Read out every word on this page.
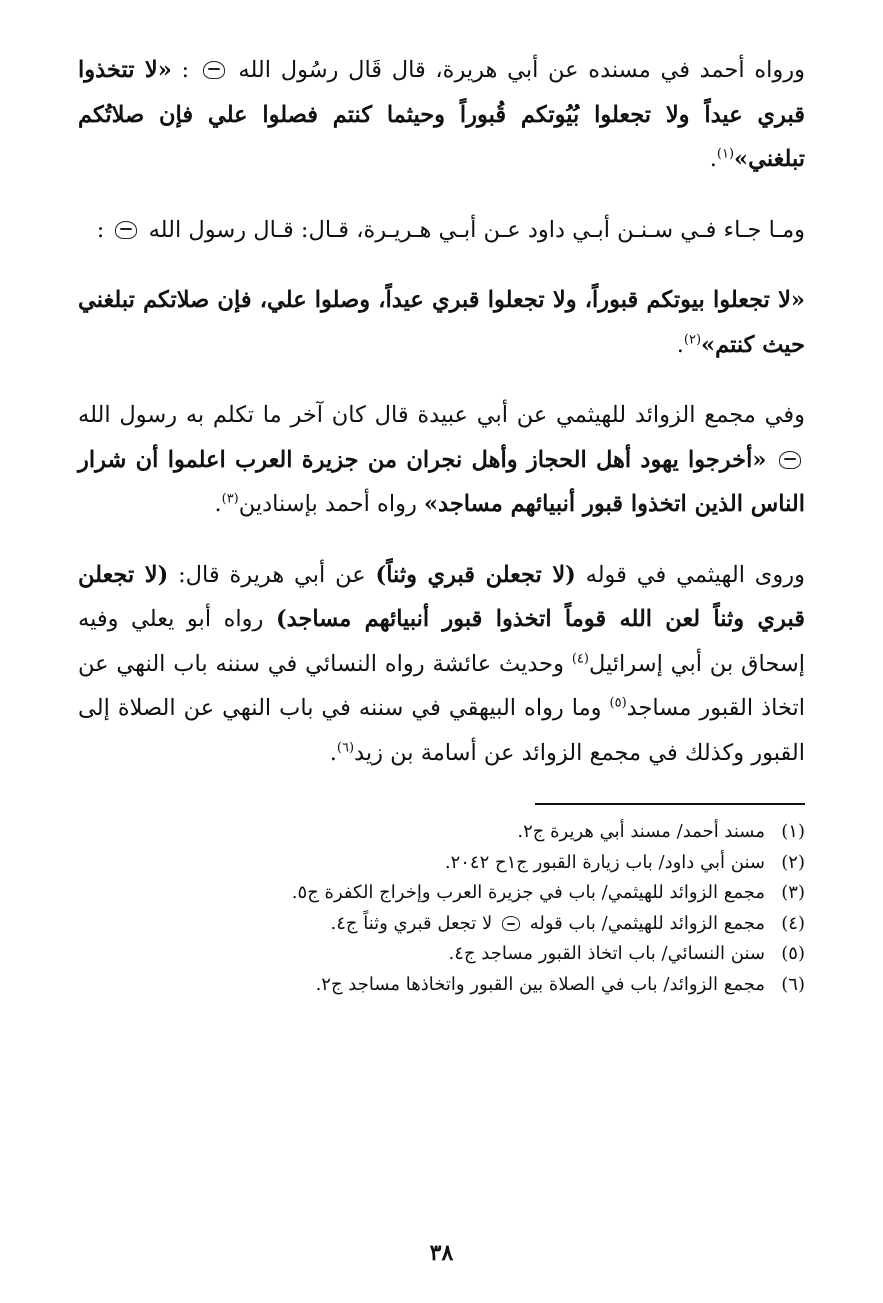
ورواه أحمد في مسنده عن أبي هريرة، قال قَال رسُول الله  : «لا تتخذوا قبري عيداً ولا تجعلوا بُيُوتكم قُبوراً وحيثما كنتم فصلوا علي فإن صلاتُكم تبلغني»$^{(١)}$.

ومـا جـاء فـي سـنـن أبـي داود عـن أبـي هـريـرة، قـال: قـال رسول الله  :

«لا تجعلوا بيوتكم قبوراً، ولا تجعلوا قبري عيداً، وصلوا علي، فإن صلاتكم تبلغني حيث كنتم»$^{(٢)}$.

وفي مجمع الزوائد للهيثمي عن أبي عبيدة قال كان آخر ما تكلم به رسول الله  «أخرجوا يهود أهل الحجاز وأهل نجران من جزيرة العرب اعلموا أن شرار الناس الذين اتخذوا قبور أنبيائهم مساجد» رواه أحمد بإسنادين$^{(٣)}$.

وروى الهيثمي في قوله (لا تجعلن قبري وثناً) عن أبي هريرة قال: (لا تجعلن قبري وثناً لعن الله قوماً اتخذوا قبور أنبيائهم مساجد) رواه أبو يعلي وفيه إسحاق بن أبي إسرائيل$^{(٤)}$ وحديث عائشة رواه النسائي في سننه باب النهي عن اتخاذ القبور مساجد$^{(٥)}$ وما رواه البيهقي في سننه في باب النهي عن الصلاة إلى القبور وكذلك في مجمع الزوائد عن أسامة بن زيد$^{(٦)}$.

(١)
مسند أحمد/ مسند أبي هريرة ج٢.
(٢)
سنن أبي داود/ باب زيارة القبور ج١ح ٢٠٤٢.
(٣)
مجمع الزوائد للهيثمي/ باب في جزيرة العرب وإخراج الكفرة ج٥.
(٤)
مجمع الزوائد للهيثمي/ باب قوله  لا تجعل قبري وثناً ج٤.
(٥)
سنن النسائي/ باب اتخاذ القبور مساجد ج٤.
(٦)
مجمع الزوائد/ باب في الصلاة بين القبور واتخاذها مساجد ج٢.
٣٨
